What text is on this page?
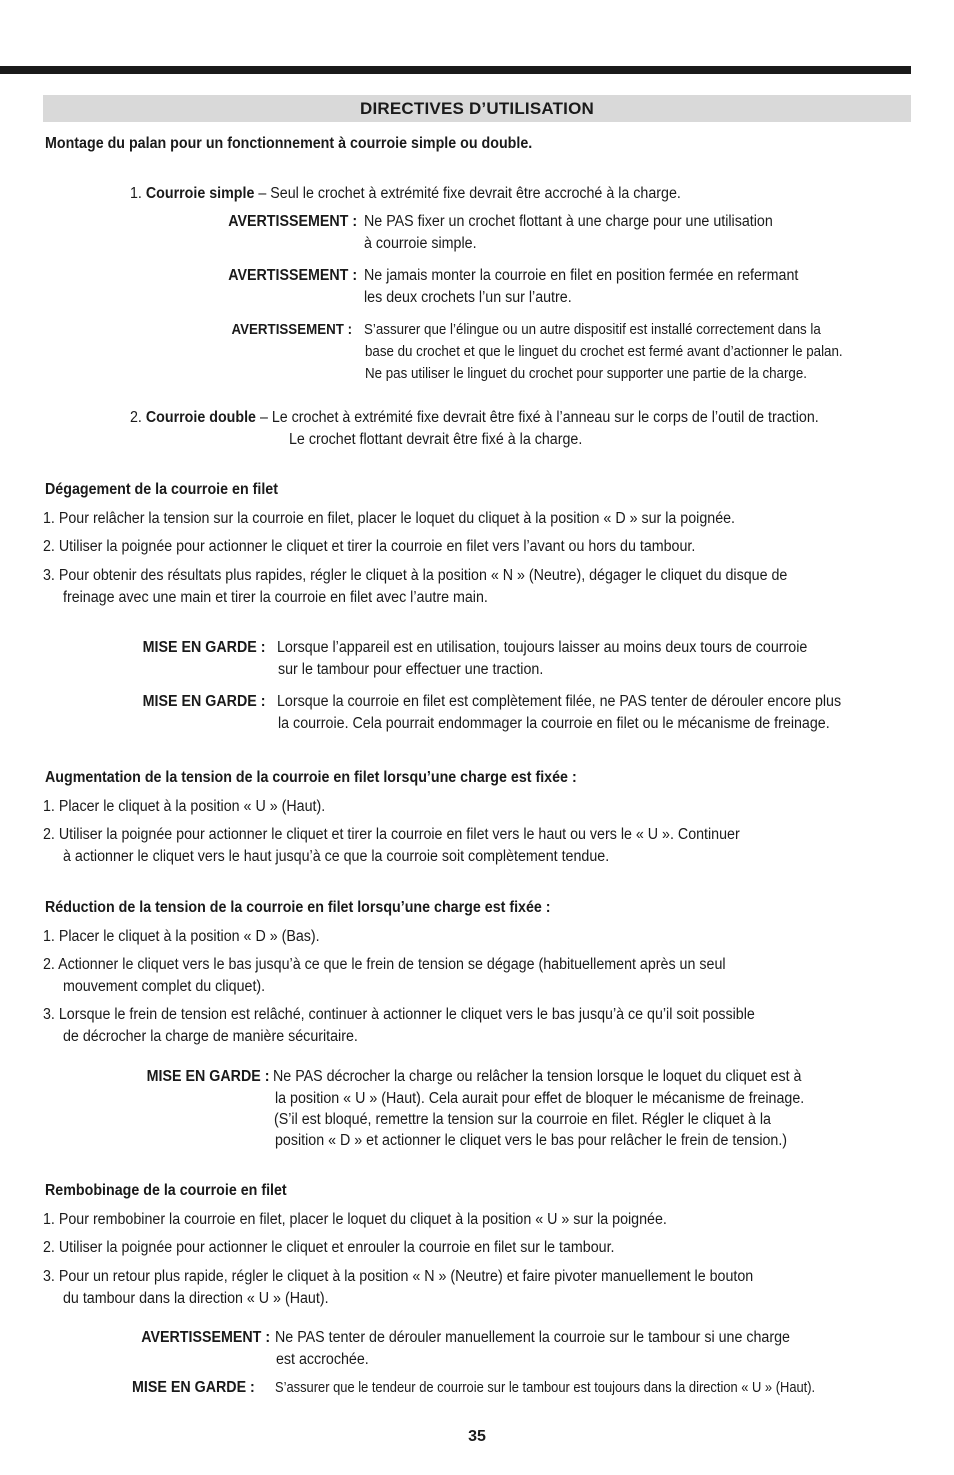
DIRECTIVES D’UTILISATION
Montage du palan pour un fonctionnement à courroie simple ou double.
1. Courroie simple – Seul le crochet à extrémité fixe devrait être accroché à la charge.
AVERTISSEMENT : Ne PAS fixer un crochet flottant à une charge pour une utilisation
à courroie simple.
AVERTISSEMENT : Ne jamais monter la courroie en filet en position fermée en refermant
les deux crochets l’un sur l’autre.
AVERTISSEMENT : S’assurer que l’élingue ou un autre dispositif est installé correctement dans la
base du crochet et que le linguet du crochet est fermé avant d’actionner le palan.
Ne pas utiliser le linguet du crochet pour supporter une partie de la charge.
2. Courroie double – Le crochet à extrémité fixe devrait être fixé à l’anneau sur le corps de l’outil de traction.
Le crochet flottant devrait être fixé à la charge.
Dégagement de la courroie en filet
1. Pour relâcher la tension sur la courroie en filet, placer le loquet du cliquet à la position « D » sur la poignée.
2. Utiliser la poignée pour actionner le cliquet et tirer la courroie en filet vers l’avant ou hors du tambour.
3. Pour obtenir des résultats plus rapides, régler le cliquet à la position « N » (Neutre), dégager le cliquet du disque de
freinage avec une main et tirer la courroie en filet avec l’autre main.
MISE EN GARDE : Lorsque l’appareil est en utilisation, toujours laisser au moins deux tours de courroie
sur le tambour pour effectuer une traction.
MISE EN GARDE : Lorsque la courroie en filet est complètement filée, ne PAS tenter de dérouler encore plus
la courroie. Cela pourrait endommager la courroie en filet ou le mécanisme de freinage.
Augmentation de la tension de la courroie en filet lorsqu’une charge est fixée :
1. Placer le cliquet à la position « U » (Haut).
2. Utiliser la poignée pour actionner le cliquet et tirer la courroie en filet vers le haut ou vers le « U ». Continuer
à actionner le cliquet vers le haut jusqu’à ce que la courroie soit complètement tendue.
Réduction de la tension de la courroie en filet lorsqu’une charge est fixée :
1. Placer le cliquet à la position « D » (Bas).
2. Actionner le cliquet vers le bas jusqu’à ce que le frein de tension se dégage (habituellement après un seul
mouvement complet du cliquet).
3. Lorsque le frein de tension est relâché, continuer à actionner le cliquet vers le bas jusqu’à ce qu’il soit possible
de décrocher la charge de manière sécuritaire.
MISE EN GARDE : Ne PAS décrocher la charge ou relâcher la tension lorsque le loquet du cliquet est à
la position « U » (Haut). Cela aurait pour effet de bloquer le mécanisme de freinage.
(S’il est bloqué, remettre la tension sur la courroie en filet. Régler le cliquet à la
position « D » et actionner le cliquet vers le bas pour relâcher le frein de tension.)
Rembobinage de la courroie en filet
1. Pour rembobiner la courroie en filet, placer le loquet du cliquet à la position « U » sur la poignée.
2. Utiliser la poignée pour actionner le cliquet et enrouler la courroie en filet sur le tambour.
3. Pour un retour plus rapide, régler le cliquet à la position « N » (Neutre) et faire pivoter manuellement le bouton
du tambour dans la direction « U » (Haut).
AVERTISSEMENT : Ne PAS tenter de dérouler manuellement la courroie sur le tambour si une charge
est accrochée.
MISE EN GARDE : S’assurer que le tendeur de courroie sur le tambour est toujours dans la direction « U » (Haut).
35
